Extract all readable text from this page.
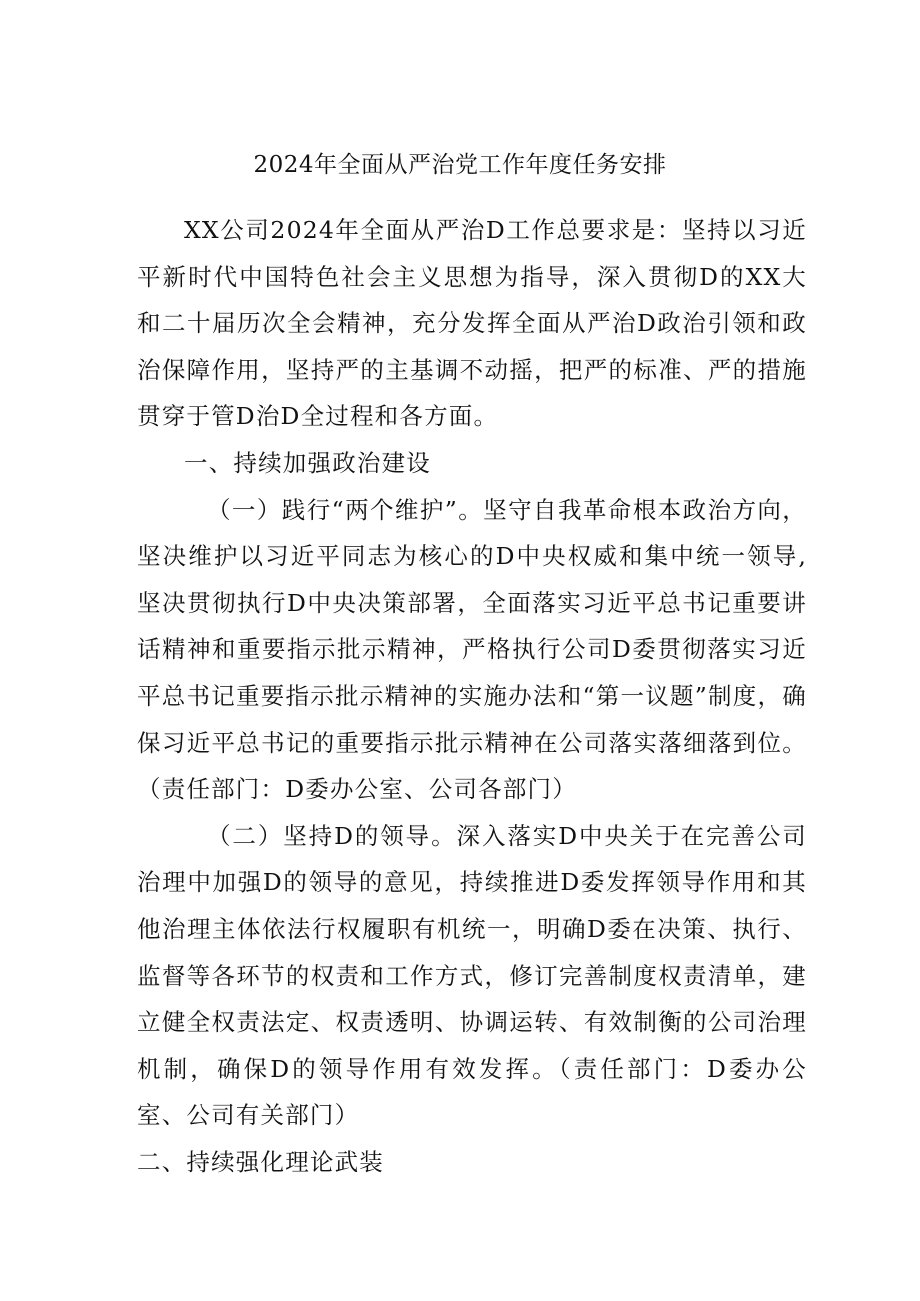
2024年全面从严治党工作年度任务安排

XX公司2024年全面从严治D工作总要求是：坚持以习近平新时代中国特色社会主义思想为指导，深入贯彻D的XX大和二十届历次全会精神，充分发挥全面从严治D政治引领和政治保障作用，坚持严的主基调不动摇，把严的标准、严的措施贯穿于管D治D全过程和各方面。

一、持续加强政治建设

（一）践行“两个维护”。坚守自我革命根本政治方向，坚决维护以习近平同志为核心的D中央权威和集中统一领导,坚决贯彻执行D中央决策部署，全面落实习近平总书记重要讲话精神和重要指示批示精神，严格执行公司D委贯彻落实习近平总书记重要指示批示精神的实施办法和“第一议题”制度，确保习近平总书记的重要指示批示精神在公司落实落细落到位。（责任部门：D委办公室、公司各部门）

（二）坚持D的领导。深入落实D中央关于在完善公司治理中加强D的领导的意见，持续推进D委发挥领导作用和其他治理主体依法行权履职有机统一，明确D委在决策、执行、监督等各环节的权责和工作方式，修订完善制度权责清单，建立健全权责法定、权责透明、协调运转、有效制衡的公司治理机制，确保D的领导作用有效发挥。（责任部门：D委办公室、公司有关部门）

二、持续强化理论武装
